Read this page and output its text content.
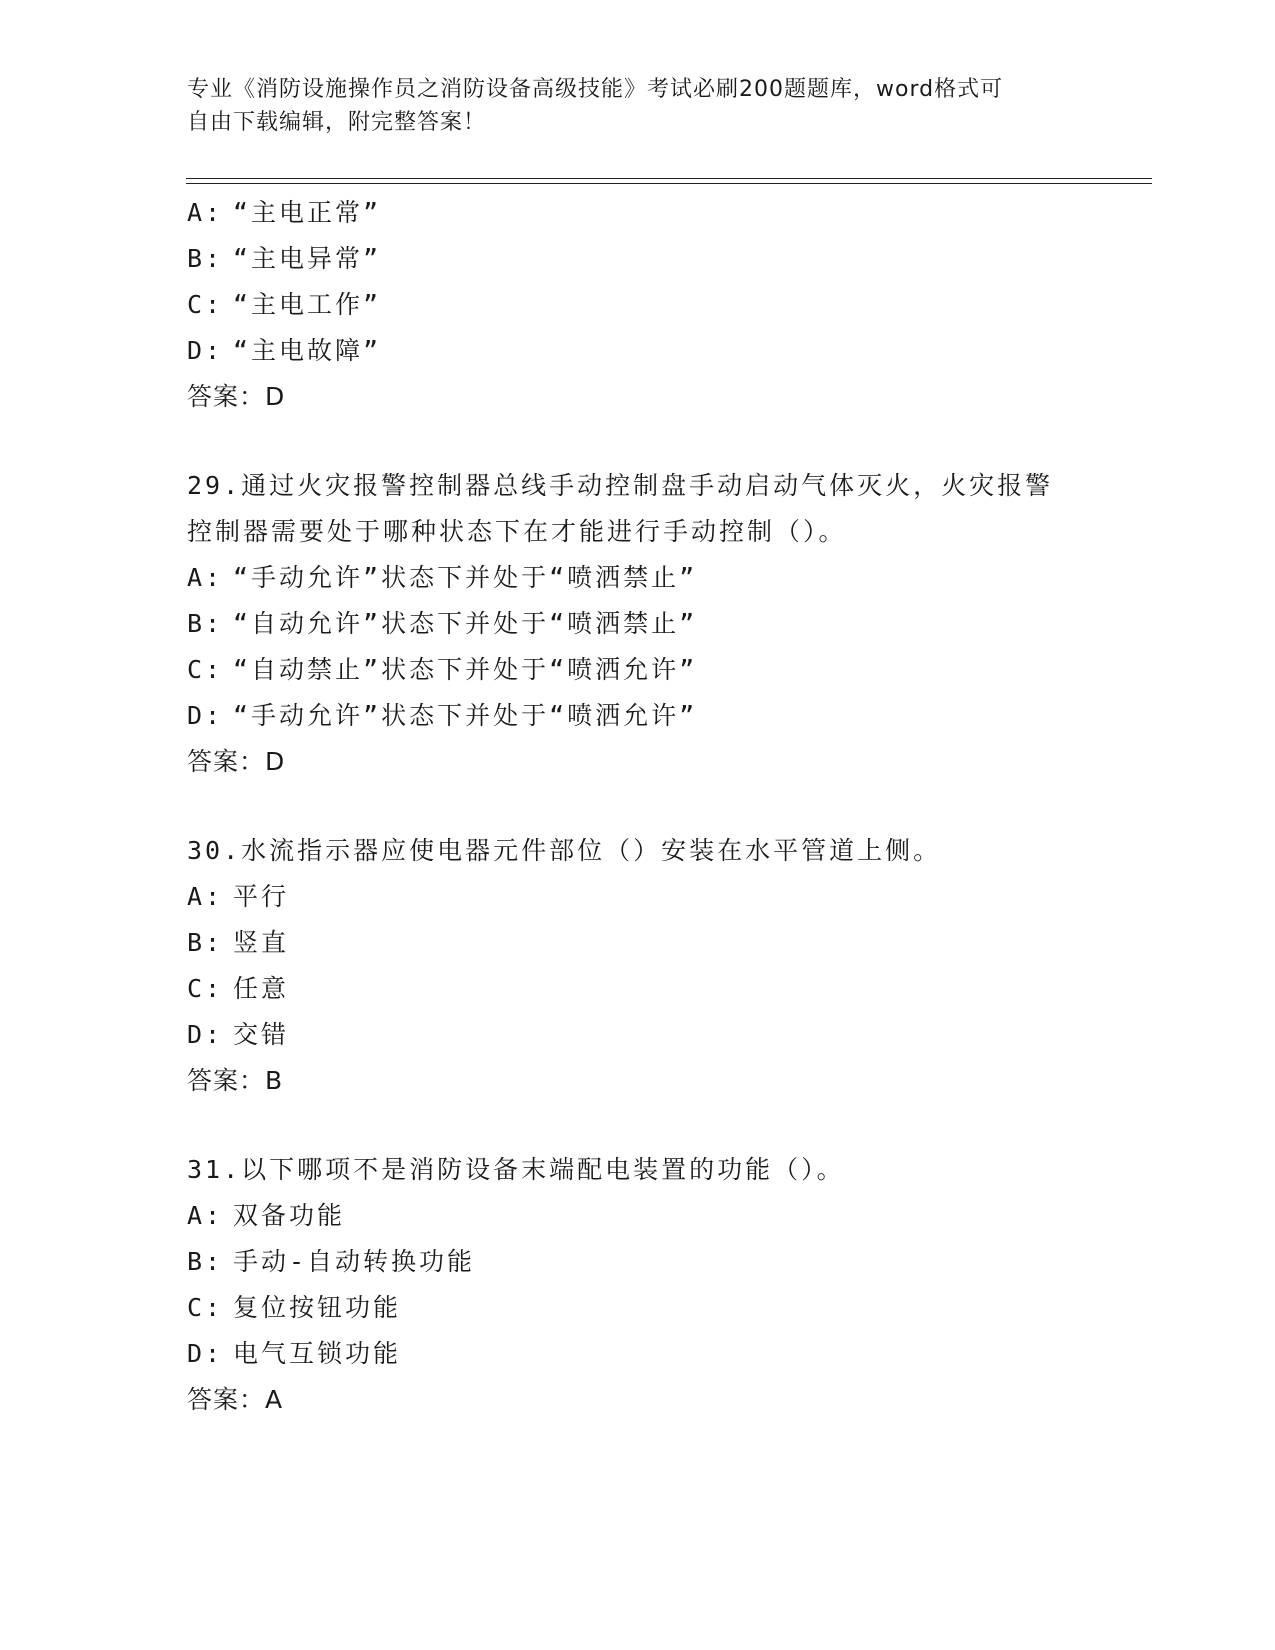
专业《消防设施操作员之消防设备高级技能》考试必刷200题题库，word格式可
自由下载编辑，附完整答案！
A: “主电正常”
B: “主电异常”
C: “主电工作”
D: “主电故障”
答案：D
29.通过火灾报警控制器总线手动控制盘手动启动气体灭火，火灾报警
控制器需要处于哪种状态下在才能进行手动控制（）。
A: “手动允许”状态下并处于“喷洒禁止”
B: “自动允许”状态下并处于“喷洒禁止”
C: “自动禁止”状态下并处于“喷洒允许”
D: “手动允许”状态下并处于“喷洒允许”
答案：D
30.水流指示器应使电器元件部位（）安装在水平管道上侧。
A: 平行
B: 竖直
C: 任意
D: 交错
答案：B
31.以下哪项不是消防设备末端配电装置的功能（）。
A: 双备功能
B: 手动-自动转换功能
C: 复位按钮功能
D: 电气互锁功能
答案：A
